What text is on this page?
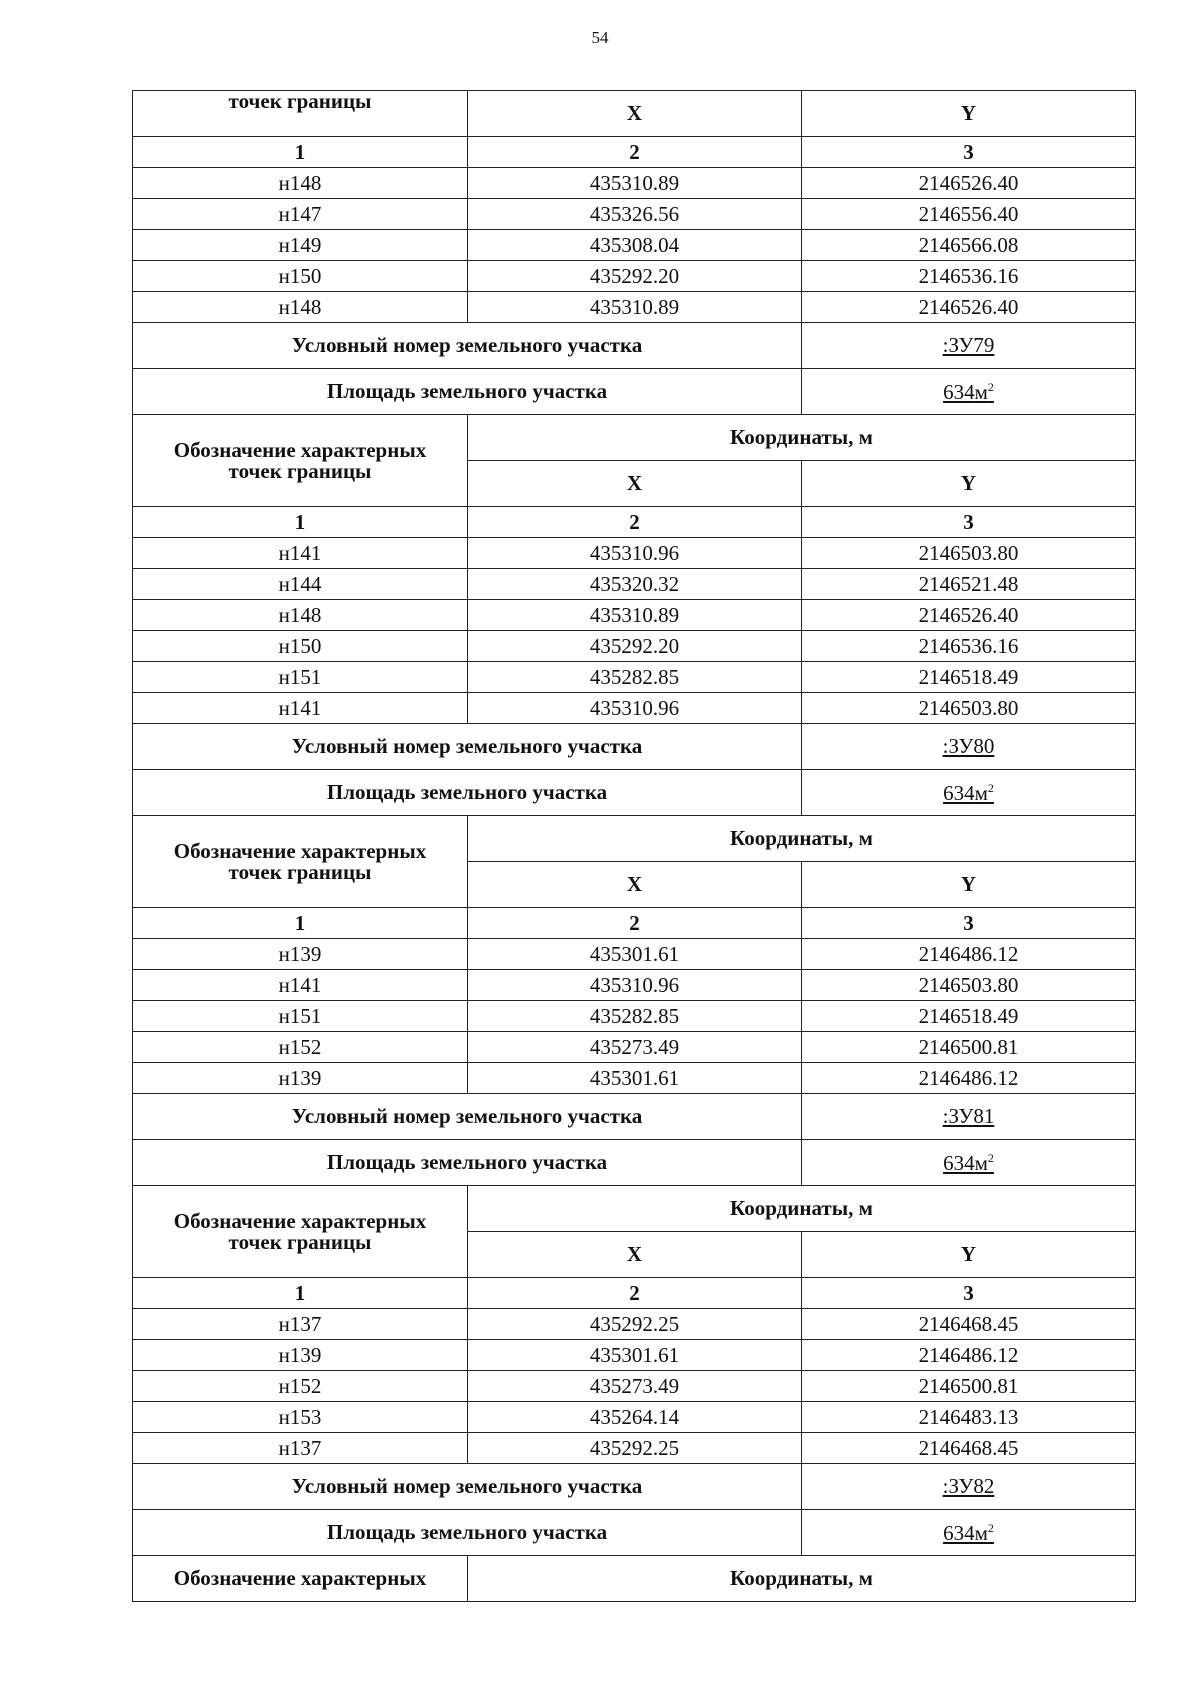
54
точек границы	X	Y
1	2	3
н148	435310.89	2146526.40
н147	435326.56	2146556.40
н149	435308.04	2146566.08
н150	435292.20	2146536.16
н148	435310.89	2146526.40
Условный номер земельного участка		:ЗУ79
Площадь земельного участка		$634м^2$

Обозначение характерных
точек границы	Координаты, м	
	X	Y
1	2	3
н141	435310.96	2146503.80
н144	435320.32	2146521.48
н148	435310.89	2146526.40
н150	435292.20	2146536.16
н151	435282.85	2146518.49
н141	435310.96	2146503.80
Условный номер земельного участка		:ЗУ80
Площадь земельного участка		$634м^2$

Обозначение характерных
точек границы	Координаты, м	
	X	Y
1	2	3
н139	435301.61	2146486.12
н141	435310.96	2146503.80
н151	435282.85	2146518.49
н152	435273.49	2146500.81
н139	435301.61	2146486.12
Условный номер земельного участка		:ЗУ81
Площадь земельного участка		$634м^2$

Обозначение характерных
точек границы	Координаты, м	
	X	Y
1	2	3
н137	435292.25	2146468.45
н139	435301.61	2146486.12
н152	435273.49	2146500.81
н153	435264.14	2146483.13
н137	435292.25	2146468.45
Условный номер земельного участка		:ЗУ82
Площадь земельного участка		$634м^2$

Обозначение характерных	Координаты, м	
